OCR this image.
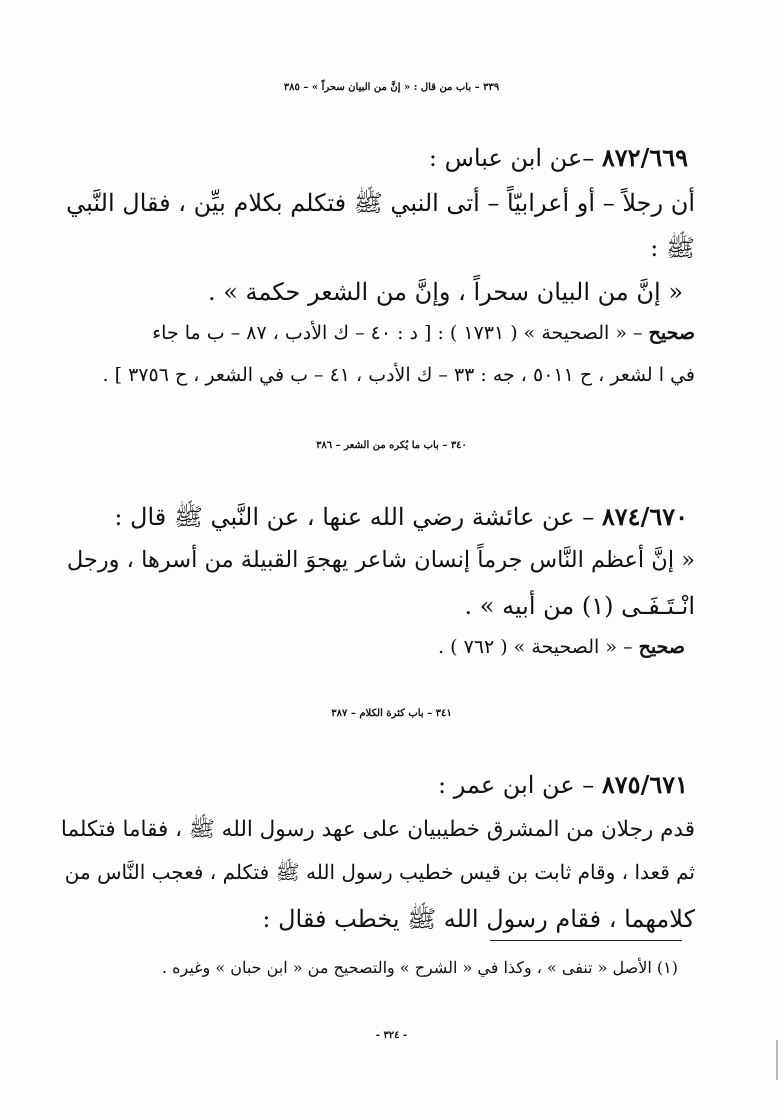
٣٣٩ – باب من قال : « إنَّ من البيان سحراً » – ٣٨٥
٨٧٢/٦٦٩ –عن ابن عباس :
أن رجلاً – أو أعرابيّاً – أتى النبي ﷺ فتكلم بكلام بيِّن ، فقال النَّبي
ﷺ :
« إنَّ من البيان سحراً ، وإنَّ من الشعر حكمة » .
صحيح – « الصحيحة » ( ١٧٣١ ) : [ د : ٤٠ – ك الأدب ، ٨٧ – ب ما جاء
في ا لشعر ، ح ٥٠١١ ، جه : ٣٣ – ك الأدب ، ٤١ – ب في الشعر ، ح ٣٧٥٦ ] .
٣٤٠ – باب ما يُكره من الشعر – ٣٨٦
٨٧٤/٦٧٠ – عن عائشة رضي الله عنها ، عن النَّبي ﷺ قال :
« إنَّ أعظم النَّاس جرماً إنسان شاعر يهجوَ القبيلة من أسرها ، ورجل
انْـتَـفَـى (١) من أبيه » .
صحيح – « الصحيحة » ( ٧٦٢ ) .
٣٤١ – باب كثرة الكلام – ٣٨٧
٨٧٥/٦٧١ – عن ابن عمر :
قدم رجلان من المشرق خطيبيان على عهد رسول الله ﷺ ، فقاما فتكلما
ثم قعدا ، وقام ثابت بن قيس خطيب رسول الله ﷺ فتكلم ، فعجب النَّاس من
كلامهما ، فقام رسول الله ﷺ يخطب فقال :
(١) الأصل « تنفى » ، وكذا في « الشرح » والتصحيح من « ابن حبان » وغيره .
- ٣٢٤ -
